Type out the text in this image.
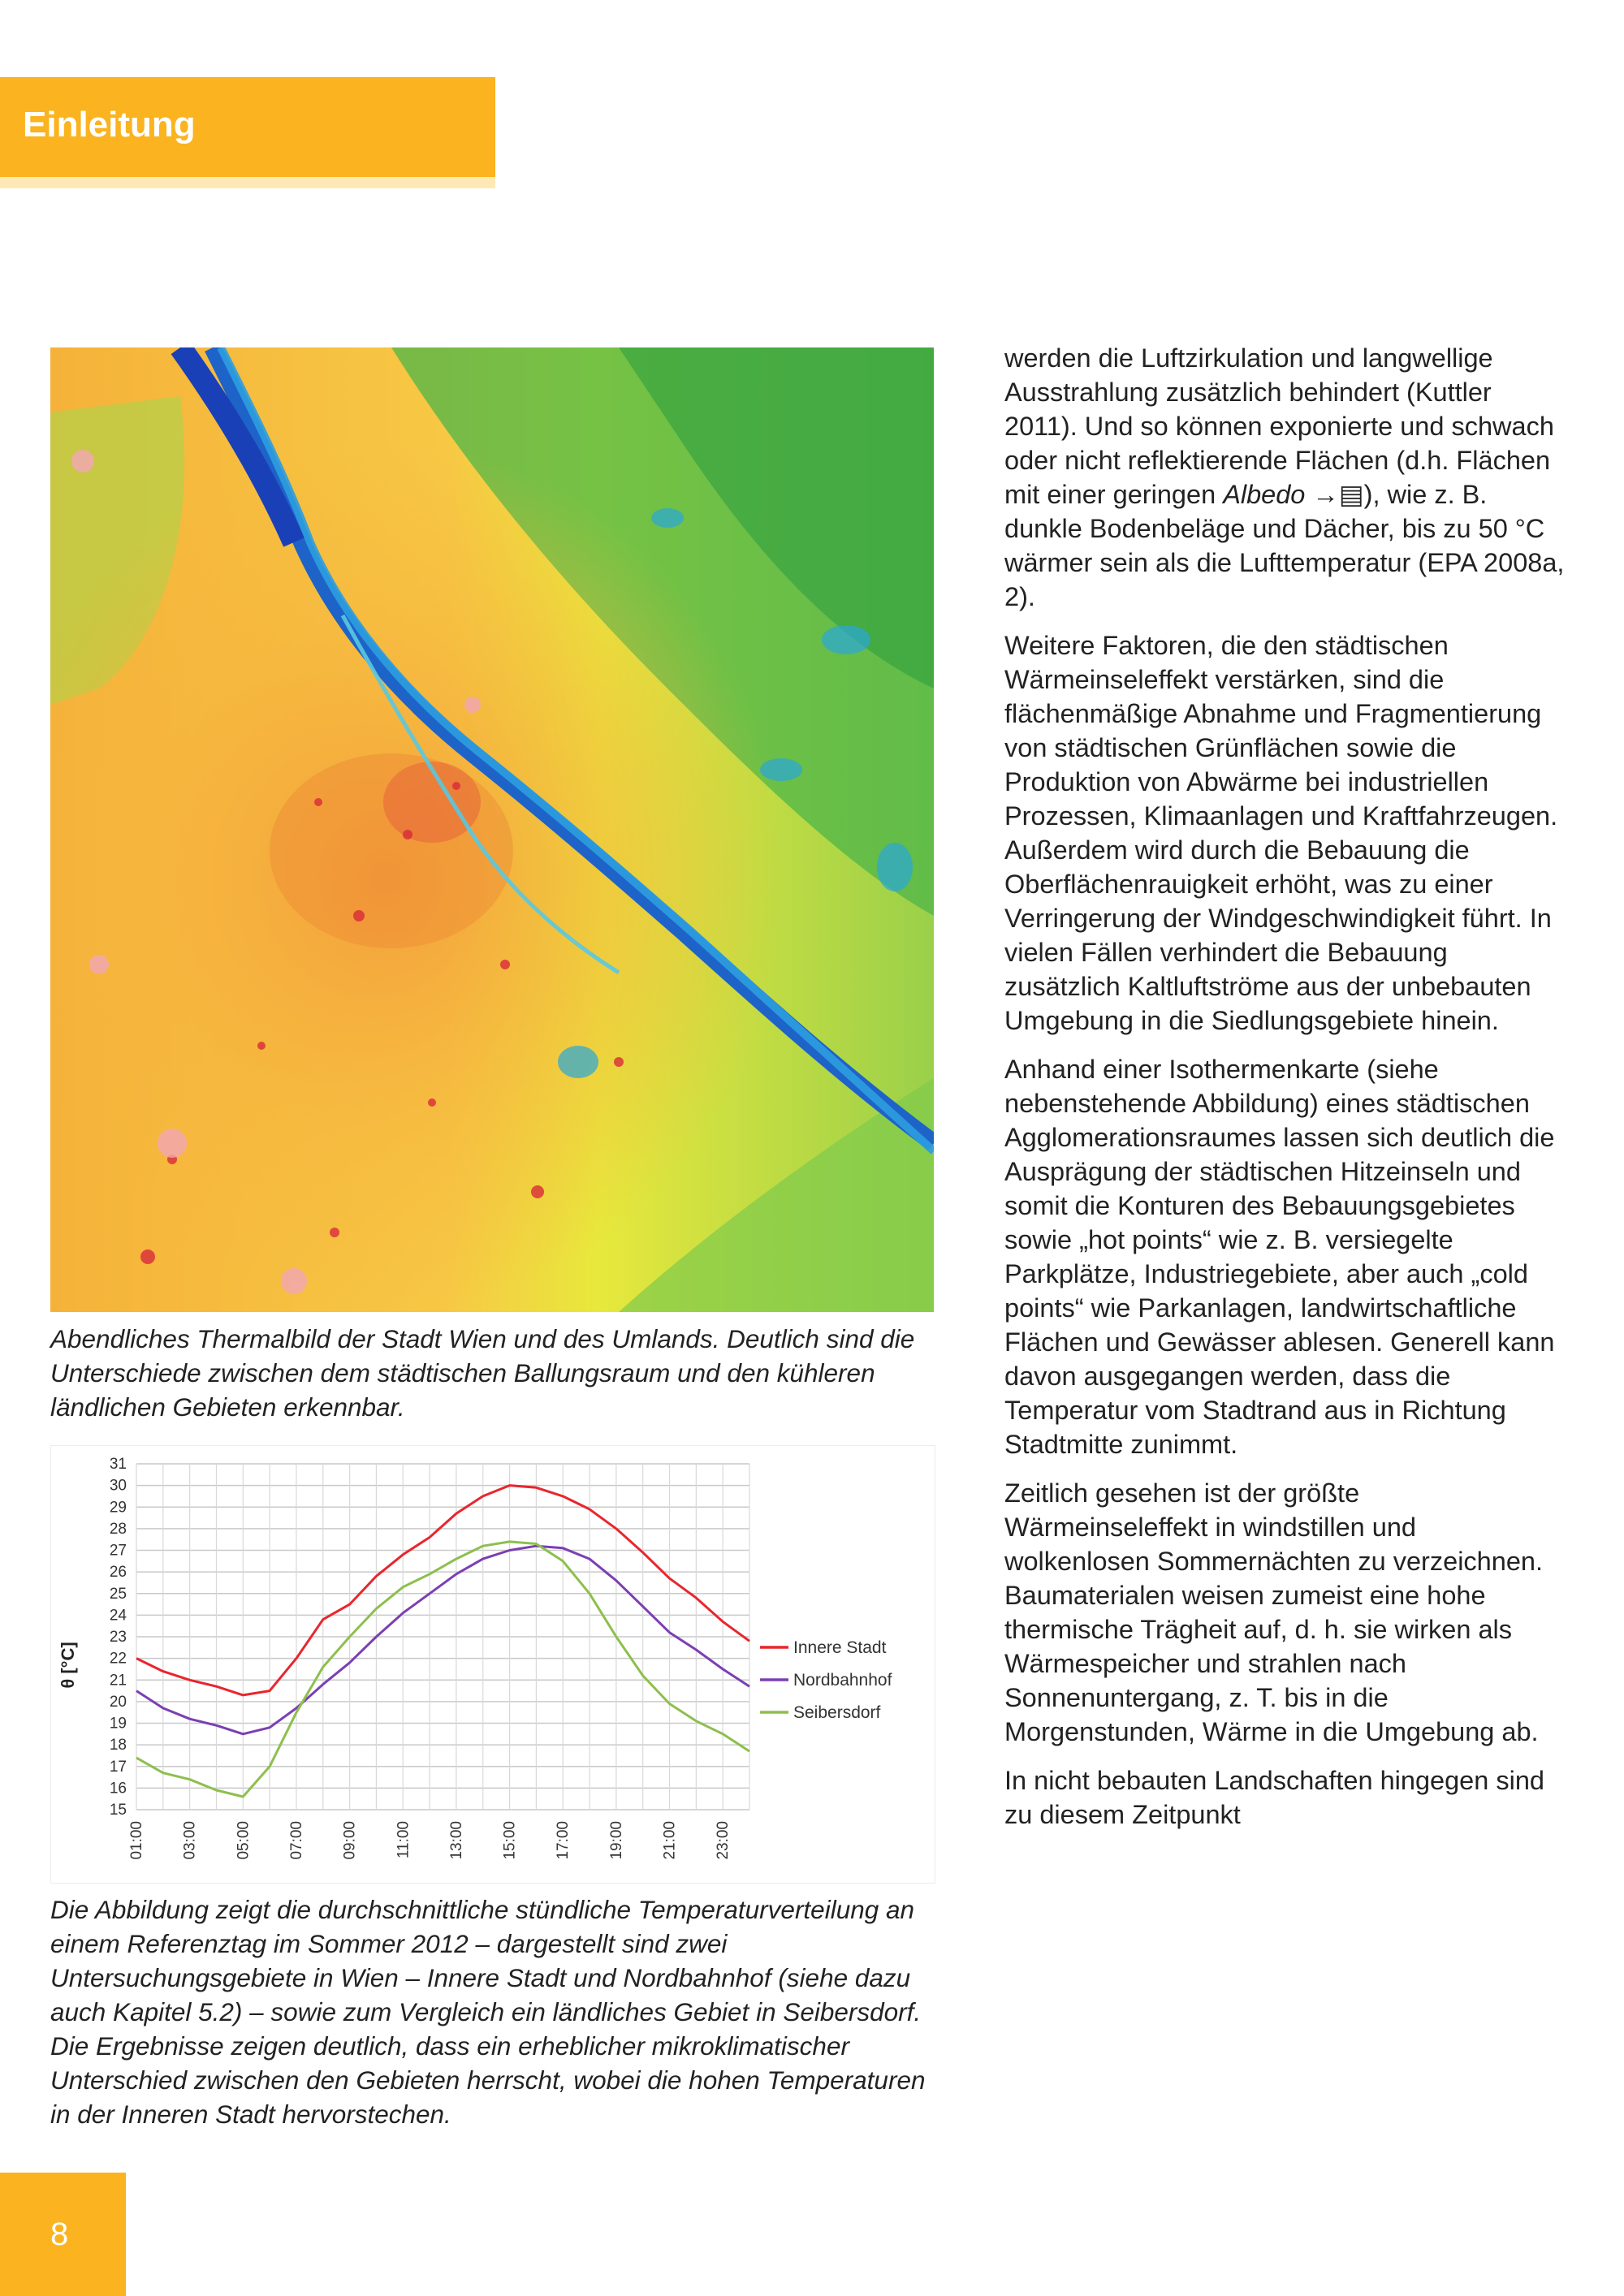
Einleitung
Abendliches Thermalbild der Stadt Wien und des Umlands. Deutlich sind die Unterschiede zwischen dem städtischen Ballungsraum und den kühleren ländlichen Gebieten erkennbar.
15
16
17
18
19
20
21
22
23
24
25
26
27
28
29
30
31
01:00 03:00 05:00 07:00 09:00 11:00 13:00 15:00 17:00 19:00 21:00 23:00
θ [°C]	Innere Stadt
Nordbahnhof
Seibersdorf
Die Abbildung zeigt die durchschnittliche stündliche Temperaturverteilung an einem Referenztag im Sommer 2012 – dargestellt sind zwei Untersuchungsgebiete in Wien – Innere Stadt und Nordbahnhof (siehe dazu auch Kapitel 5.2) – sowie zum Vergleich ein ländliches Gebiet in Seibersdorf. Die Ergebnisse zeigen deutlich, dass ein erheblicher mikroklimatischer Unterschied zwischen den Gebieten herrscht, wobei die hohen Temperaturen in der Inneren Stadt hervorstechen.

werden die Luftzirkulation und langwellige Ausstrahlung zusätzlich behindert (Kuttler 2011). Und so können exponierte und schwach oder nicht reflektierende Flächen (d.h. Flächen mit einer geringen Albedo →▤), wie z. B. dunkle Bodenbeläge und Dächer, bis zu 50 °C wärmer sein als die Lufttemperatur (EPA 2008a, 2).

Weitere Faktoren, die den städtischen Wärmeinseleffekt verstärken, sind die flächenmäßige Abnahme und Fragmentierung von städtischen Grünflächen sowie die Produktion von Abwärme bei industriellen Prozessen, Klimaanlagen und Kraftfahrzeugen. Außerdem wird durch die Bebauung die Oberflächenrauigkeit erhöht, was zu einer Verringerung der Windgeschwindigkeit führt. In vielen Fällen verhindert die Bebauung zusätzlich Kaltluftströme aus der unbebauten Umgebung in die Siedlungsgebiete hinein.

Anhand einer Isothermenkarte (siehe nebenstehende Abbildung) eines städtischen Agglomerationsraumes lassen sich deutlich die Ausprägung der städtischen Hitzeinseln und somit die Konturen des Bebauungsgebietes sowie „hot points“ wie z. B. versiegelte Parkplätze, Industriegebiete, aber auch „cold points“ wie Parkanlagen, landwirtschaftliche Flächen und Gewässer ablesen. Generell kann davon ausgegangen werden, dass die Temperatur vom Stadtrand aus in Richtung Stadtmitte zunimmt.

Zeitlich gesehen ist der größte Wärmeinseleffekt in windstillen und wolkenlosen Sommernächten zu verzeichnen. Baumaterialen weisen zumeist eine hohe thermische Trägheit auf, d. h. sie wirken als Wärmespeicher und strahlen nach Sonnenuntergang, z. T. bis in die Morgenstunden, Wärme in die Umgebung ab.

In nicht bebauten Landschaften hingegen sind zu diesem Zeitpunkt

8
